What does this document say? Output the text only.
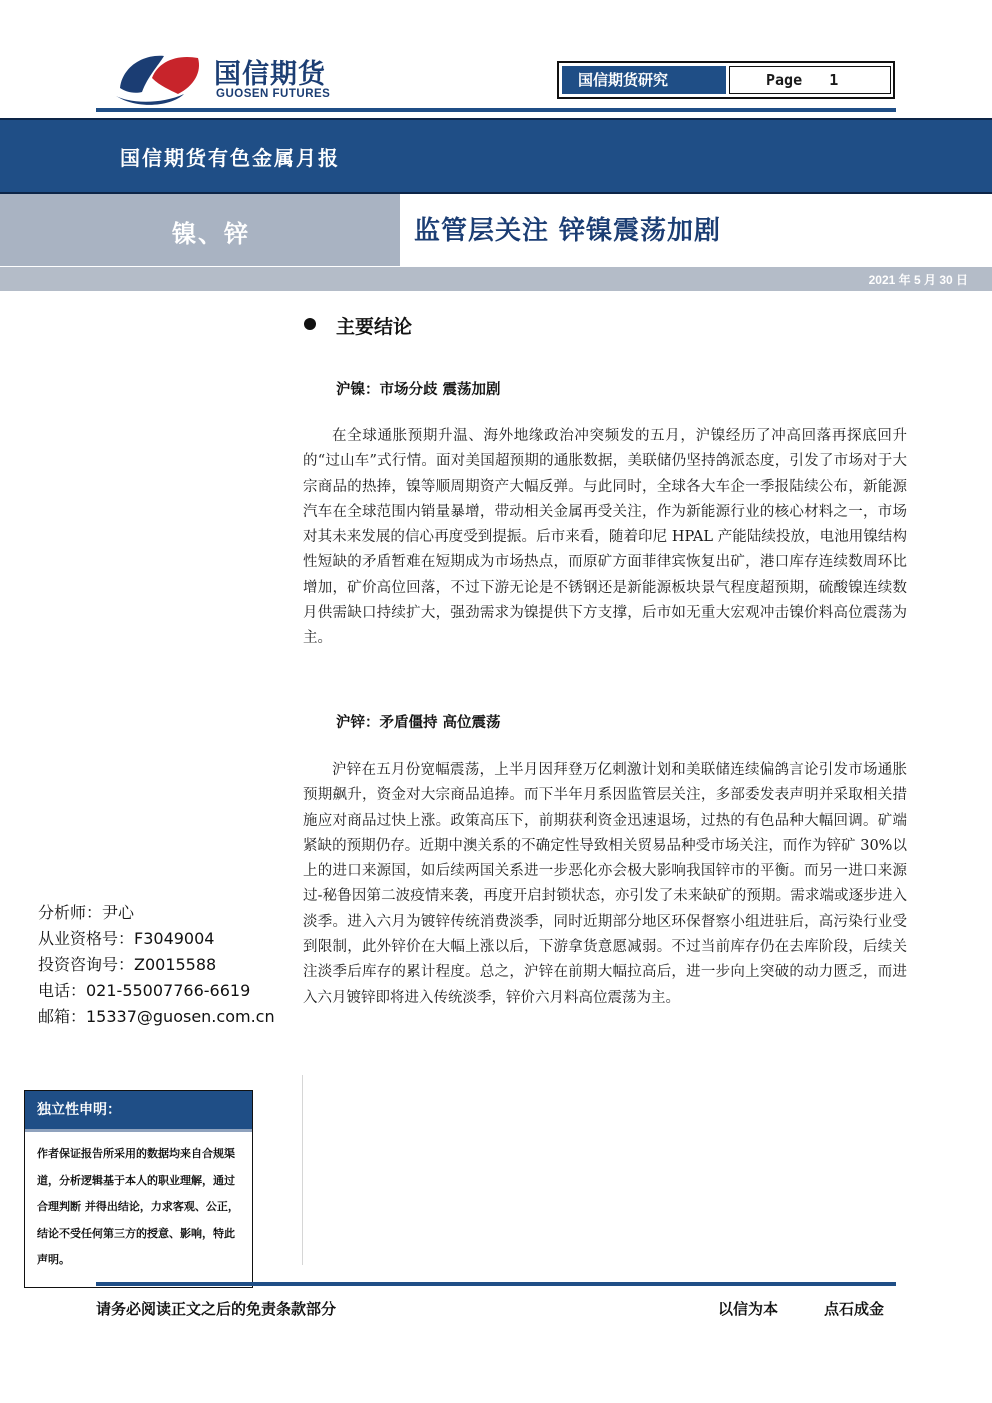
国信期货
GUOSEN FUTURES
国信期货研究	Page 1
国信期货有色金属月报
镍、锌	监管层关注 锌镍震荡加剧
2021 年 5 月 30 日
主要结论
沪镍：市场分歧 震荡加剧

在全球通胀预期升温、海外地缘政治冲突频发的五月，沪镍经历了冲高回落再探底回升的“过山车”式行情。面对美国超预期的通胀数据，美联储仍坚持鸽派态度，引发了市场对于大宗商品的热捧，镍等顺周期资产大幅反弹。与此同时，全球各大车企一季报陆续公布，新能源汽车在全球范围内销量暴增，带动相关金属再受关注，作为新能源行业的核心材料之一，市场对其未来发展的信心再度受到提振。后市来看，随着印尼 HPAL 产能陆续投放，电池用镍结构性短缺的矛盾暂难在短期成为市场热点，而原矿方面菲律宾恢复出矿，港口库存连续数周环比增加，矿价高位回落，不过下游无论是不锈钢还是新能源板块景气程度超预期，硫酸镍连续数月供需缺口持续扩大，强劲需求为镍提供下方支撑，后市如无重大宏观冲击镍价料高位震荡为主。

沪锌：矛盾僵持 高位震荡

沪锌在五月份宽幅震荡，上半月因拜登万亿刺激计划和美联储连续偏鸽言论引发市场通胀预期飙升，资金对大宗商品追捧。而下半年月系因监管层关注，多部委发表声明并采取相关措施应对商品过快上涨。政策高压下，前期获利资金迅速退场，过热的有色品种大幅回调。矿端紧缺的预期仍存。近期中澳关系的不确定性导致相关贸易品种受市场关注，而作为锌矿 30%以上的进口来源国，如后续两国关系进一步恶化亦会极大影响我国锌市的平衡。而另一进口来源过-秘鲁因第二波疫情来袭，再度开启封锁状态，亦引发了未来缺矿的预期。需求端或逐步进入淡季。进入六月为镀锌传统消费淡季，同时近期部分地区环保督察小组进驻后，高污染行业受到限制，此外锌价在大幅上涨以后，下游拿货意愿减弱。不过当前库存仍在去库阶段，后续关注淡季后库存的累计程度。总之，沪锌在前期大幅拉高后，进一步向上突破的动力匮乏，而进入六月镀锌即将进入传统淡季，锌价六月料高位震荡为主。

分析师：尹心
从业资格号：F3049004
投资咨询号：Z0015588
电话：021-55007766-6619
邮箱：15337@guosen.com.cn
独立性申明：
作者保证报告所采用的数据均来自合规渠道，分析逻辑基于本人的职业理解，通过合理判断 并得出结论，力求客观、公正，结论不受任何第三方的授意、影响，特此声明。
请务必阅读正文之后的免责条款部分	以信为本	点石成金
